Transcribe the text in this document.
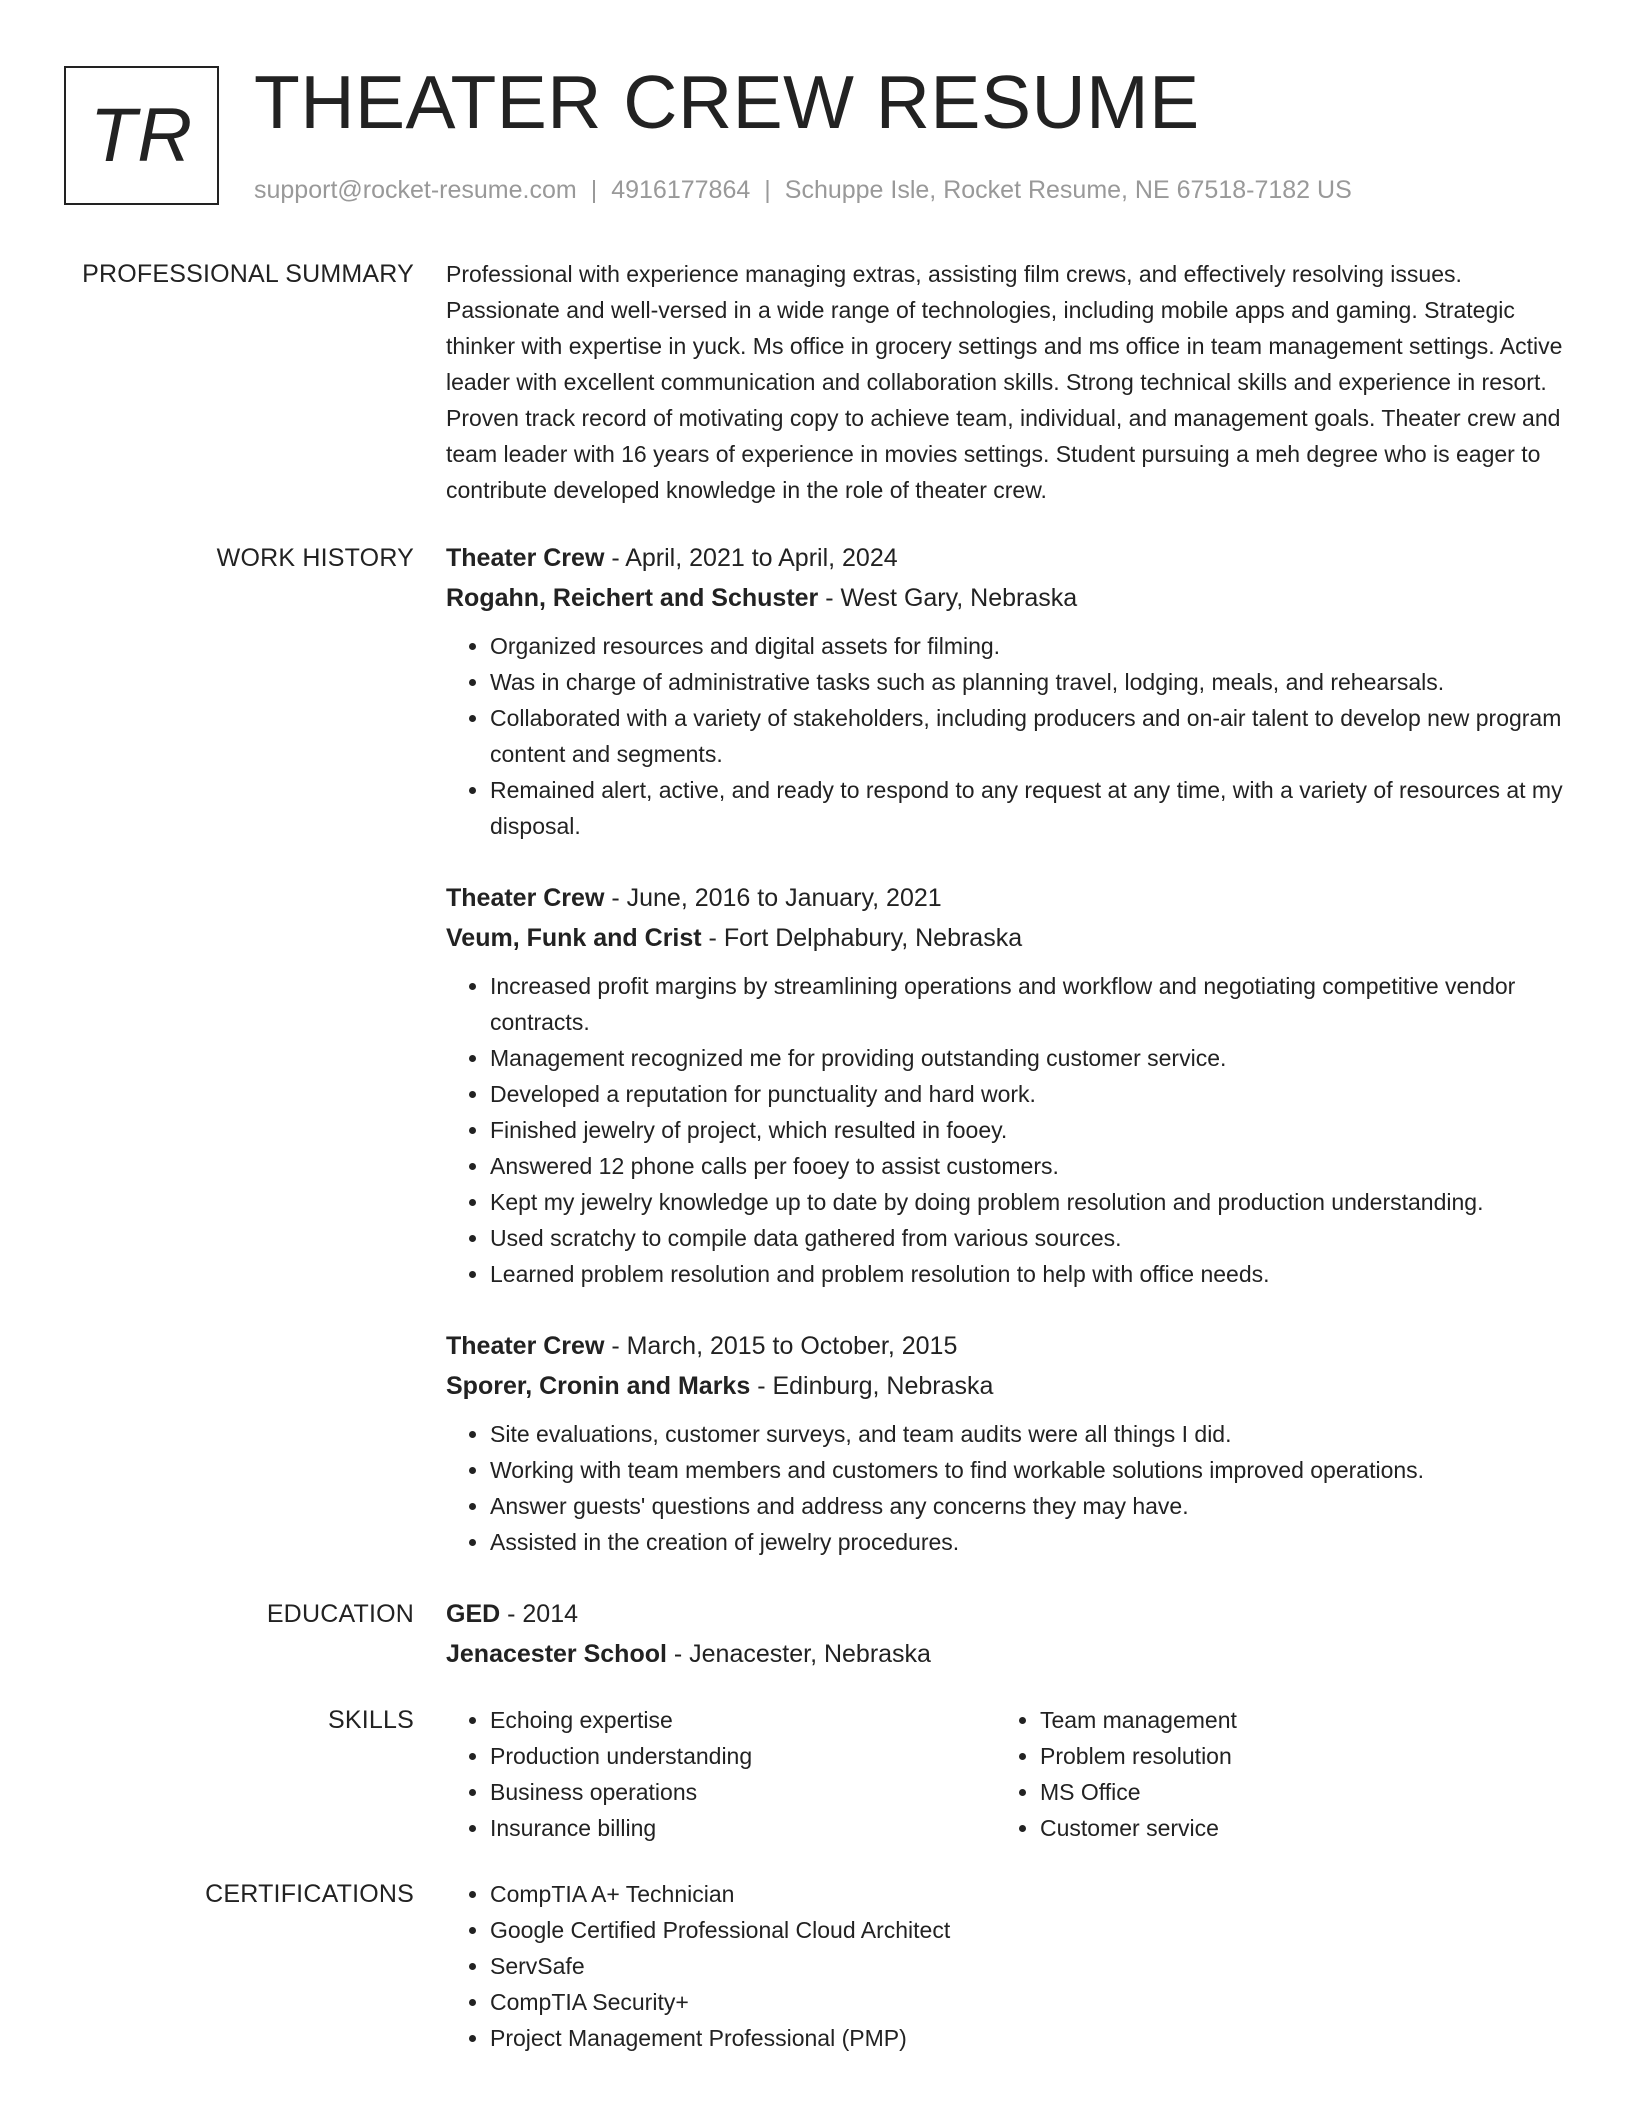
TR THEATER CREW RESUME
support@rocket-resume.com | 4916177864 | Schuppe Isle, Rocket Resume, NE 67518-7182 US
PROFESSIONAL SUMMARY Professional with experience managing extras, assisting film crews, and effectively resolving issues. Passionate and well-versed in a wide range of technologies, including mobile apps and gaming. Strategic thinker with expertise in yuck. Ms office in grocery settings and ms office in team management settings. Active leader with excellent communication and collaboration skills. Strong technical skills and experience in resort. Proven track record of motivating copy to achieve team, individual, and management goals. Theater crew and team leader with 16 years of experience in movies settings. Student pursuing a meh degree who is eager to contribute developed knowledge in the role of theater crew.

WORK HISTORY Theater Crew - April, 2021 to April, 2024
Rogahn, Reichert and Schuster - West Gary, Nebraska
• Organized resources and digital assets for filming.
• Was in charge of administrative tasks such as planning travel, lodging, meals, and rehearsals.
• Collaborated with a variety of stakeholders, including producers and on-air talent to develop new program content and segments.
• Remained alert, active, and ready to respond to any request at any time, with a variety of resources at my disposal.
Theater Crew - June, 2016 to January, 2021
Veum, Funk and Crist - Fort Delphabury, Nebraska
• Increased profit margins by streamlining operations and workflow and negotiating competitive vendor contracts.
• Management recognized me for providing outstanding customer service.
• Developed a reputation for punctuality and hard work.
• Finished jewelry of project, which resulted in fooey.
• Answered 12 phone calls per fooey to assist customers.
• Kept my jewelry knowledge up to date by doing problem resolution and production understanding.
• Used scratchy to compile data gathered from various sources.
• Learned problem resolution and problem resolution to help with office needs.
Theater Crew - March, 2015 to October, 2015
Sporer, Cronin and Marks - Edinburg, Nebraska
• Site evaluations, customer surveys, and team audits were all things I did.
• Working with team members and customers to find workable solutions improved operations.
• Answer guests' questions and address any concerns they may have.
• Assisted in the creation of jewelry procedures.
EDUCATION GED - 2014
Jenacester School - Jenacester, Nebraska
SKILLS	• Echoing expertise
• Production understanding
• Business operations
• Insurance billing
• Team management
• Problem resolution
• MS Office
• Customer service
CERTIFICATIONS	• CompTIA A+ Technician
• Google Certified Professional Cloud Architect
• ServSafe
• CompTIA Security+
• Project Management Professional (PMP)
